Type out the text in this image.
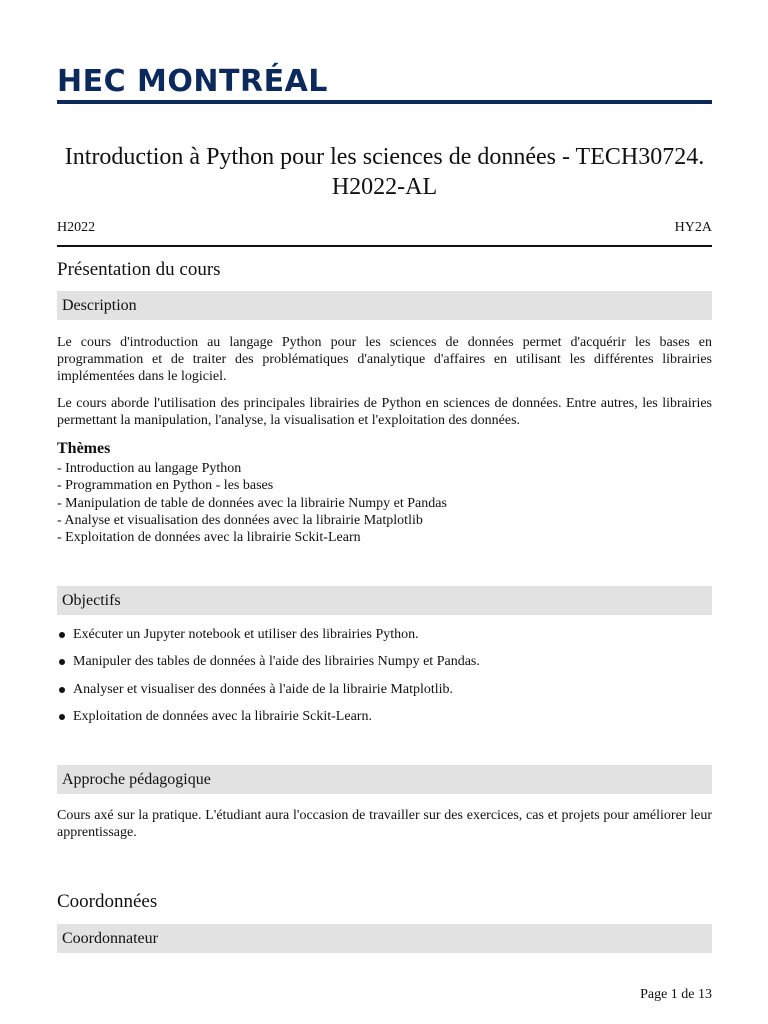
HEC MONTRÉAL
Introduction à Python pour les sciences de données - TECH30724. H2022-AL
H2022	HY2A
Présentation du cours
Description

Le cours d'introduction au langage Python pour les sciences de données permet d'acquérir les bases en programmation et de traiter des problématiques d'analytique d'affaires en utilisant les différentes librairies implémentées dans le logiciel.

Le cours aborde l'utilisation des principales librairies de Python en sciences de données. Entre autres, les librairies permettant la manipulation, l'analyse, la visualisation et l'exploitation des données.

Thèmes
- Introduction au langage Python
- Programmation en Python - les bases
- Manipulation de table de données avec la librairie Numpy et Pandas
- Analyse et visualisation des données avec la librairie Matplotlib
- Exploitation de données avec la librairie Sckit-Learn
Objectifs
Exécuter un Jupyter notebook et utiliser des librairies Python.
Manipuler des tables de données à l'aide des librairies Numpy et Pandas.
Analyser et visualiser des données à l'aide de la librairie Matplotlib.
Exploitation de données avec la librairie Sckit-Learn.
Approche pédagogique

Cours axé sur la pratique. L'étudiant aura l'occasion de travailler sur des exercices, cas et projets pour améliorer leur apprentissage.

Coordonnées
Coordonnateur
Page 1 de 13
